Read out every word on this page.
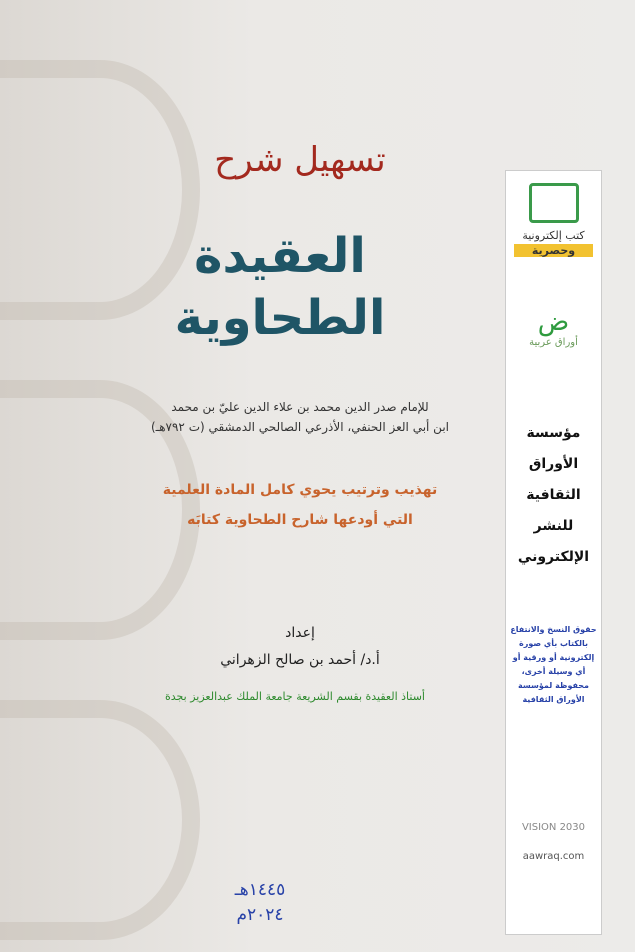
تسهيل شرح
العقيدة الطحاوية
للإمام صدر الدين محمد بن علاء الدين عليّ بن محمد
ابن أبي العز الحنفي، الأذرعي الصالحي الدمشقي (ت ٧٩٢هـ)
تهذيب وترتيب يحوي كامل المادة العلمية
التي أودعها شارح الطحاوية كتابَه
إعداد
أ.د/ أحمد بن صالح الزهراني
أستاذ العقيدة بقسم الشريعة جامعة الملك عبدالعزيز بجدة
١٤٤٥هـ
٢٠٢٤م
كتب إلكترونية
وحصرية
ض
أوراق عربية
مؤسسة
الأوراق
الثقافية
للنشر
الإلكتروني
حقوق النسخ والانتفاع بالكتاب بأي صورة إلكترونية أو ورقية أو أي وسيلة أخرى، محفوظة لمؤسسة الأوراق الثقافية
VISION 2030
aawraq.com
